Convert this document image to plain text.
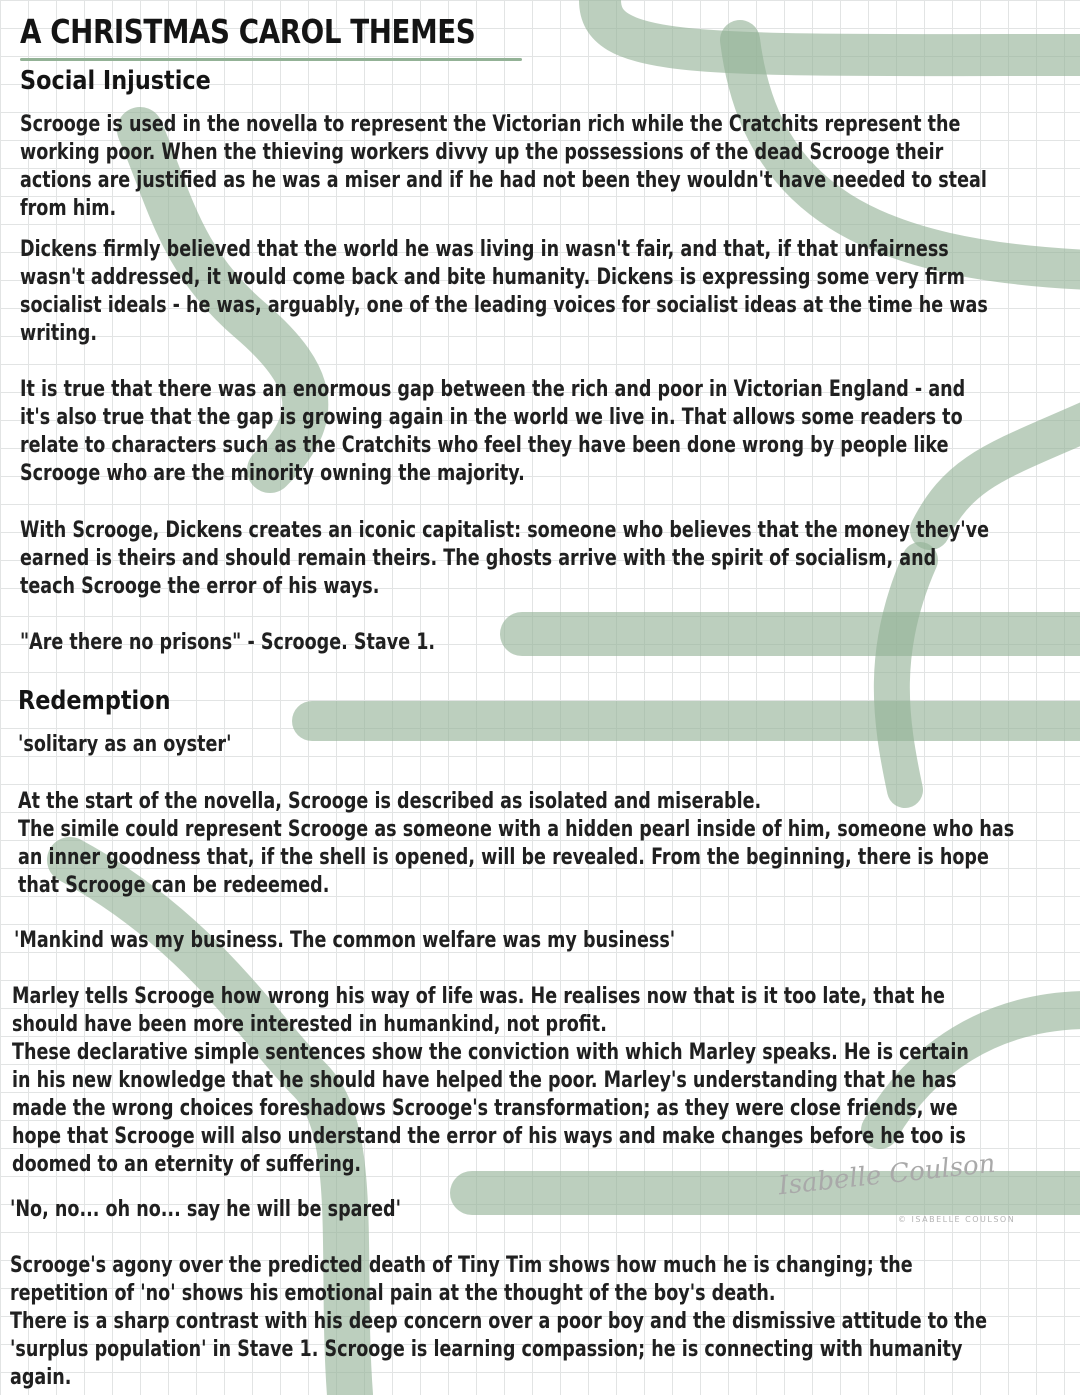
A CHRISTMAS CAROL THEMES
Social Injustice

Scrooge is used in the novella to represent the Victorian rich while the Cratchits represent the

working poor. When the thieving workers divvy up the possessions of the dead Scrooge their

actions are justified as he was a miser and if he had not been they wouldn't have needed to steal

from him.

Dickens firmly believed that the world he was living in wasn't fair, and that, if that unfairness

wasn't addressed, it would come back and bite humanity. Dickens is expressing some very firm

socialist ideals - he was, arguably, one of the leading voices for socialist ideas at the time he was

writing.

It is true that there was an enormous gap between the rich and poor in Victorian England - and

it's also true that the gap is growing again in the world we live in. That allows some readers to

relate to characters such as the Cratchits who feel they have been done wrong by people like

Scrooge who are the minority owning the majority.

With Scrooge, Dickens creates an iconic capitalist: someone who believes that the money they've

earned is theirs and should remain theirs. The ghosts arrive with the spirit of socialism, and

teach Scrooge the error of his ways.

"Are there no prisons" - Scrooge. Stave 1.
Redemption
'solitary as an oyster'

At the start of the novella, Scrooge is described as isolated and miserable.

The simile could represent Scrooge as someone with a hidden pearl inside of him, someone who has

an inner goodness that, if the shell is opened, will be revealed. From the beginning, there is hope

that Scrooge can be redeemed.

'Mankind was my business. The common welfare was my business'

Marley tells Scrooge how wrong his way of life was. He realises now that is it too late, that he

should have been more interested in humankind, not profit.

These declarative simple sentences show the conviction with which Marley speaks. He is certain

in his new knowledge that he should have helped the poor. Marley's understanding that he has

made the wrong choices foreshadows Scrooge's transformation; as they were close friends, we

hope that Scrooge will also understand the error of his ways and make changes before he too is

doomed to an eternity of suffering.

'No, no... oh no... say he will be spared'

Scrooge's agony over the predicted death of Tiny Tim shows how much he is changing; the

repetition of 'no' shows his emotional pain at the thought of the boy's death.

There is a sharp contrast with his deep concern over a poor boy and the dismissive attitude to the

'surplus population' in Stave 1. Scrooge is learning compassion; he is connecting with humanity

again.

Isabelle Coulson
© ISABELLE COULSON
